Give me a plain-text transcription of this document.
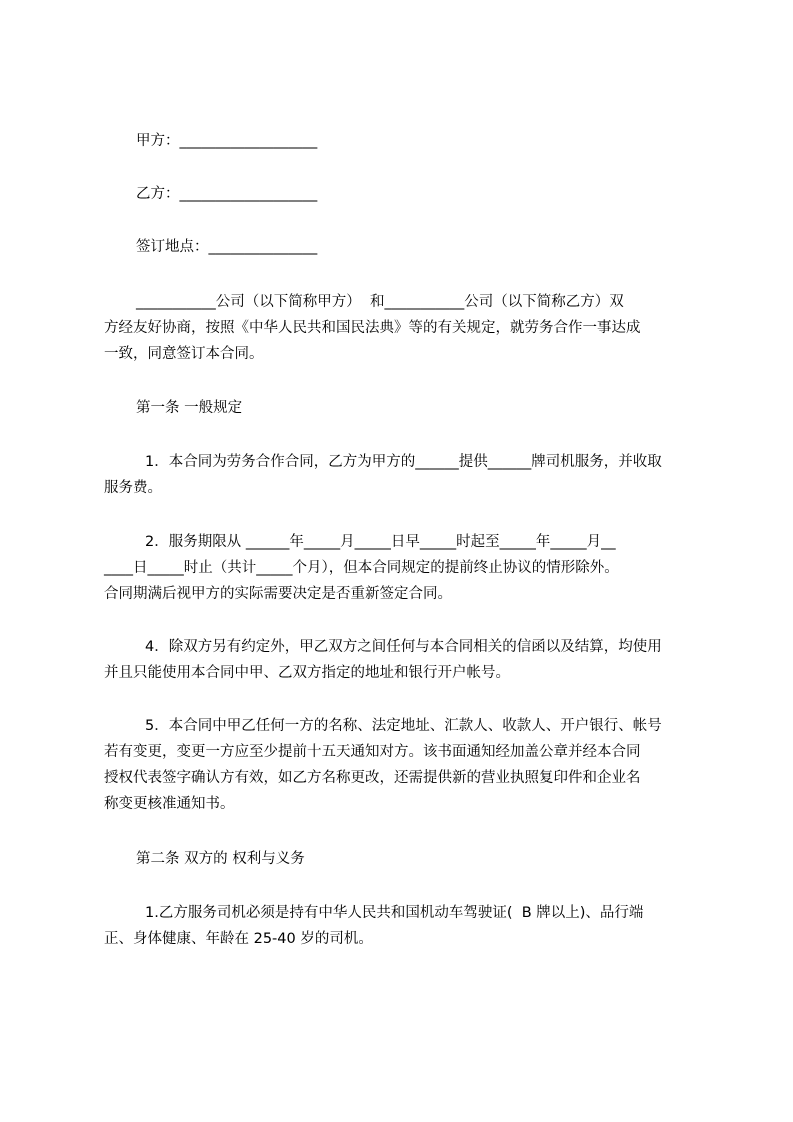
甲方：___________________
乙方：___________________
签订地点：_______________
___________公司（以下简称甲方）  和___________公司（以下简称乙方）双
方经友好协商，按照《中华人民共和国民法典》等的有关规定，就劳务合作一事达成
一致，同意签订本合同。
第一条 一般规定
1．本合同为劳务合作合同，乙方为甲方的______提供______牌司机服务，并收取
服务费。
2．服务期限从 ______年_____月_____日早_____时起至_____年_____月__
____日_____时止（共计_____个月），但本合同规定的提前终止协议的情形除外。
合同期满后视甲方的实际需要决定是否重新签定合同。
4．除双方另有约定外，甲乙双方之间任何与本合同相关的信函以及结算，均使用
并且只能使用本合同中甲、乙双方指定的地址和银行开户帐号。
5．本合同中甲乙任何一方的名称、法定地址、汇款人、收款人、开户银行、帐号
若有变更，变更一方应至少提前十五天通知对方。该书面通知经加盖公章并经本合同
授权代表签字确认方有效，如乙方名称更改，还需提供新的营业执照复印件和企业名
称变更核准通知书。
第二条 双方的 权利与义务
1.乙方服务司机必须是持有中华人民共和国机动车驾驶证(  B 牌以上)、品行端
正、身体健康、年龄在 25-40 岁的司机。
